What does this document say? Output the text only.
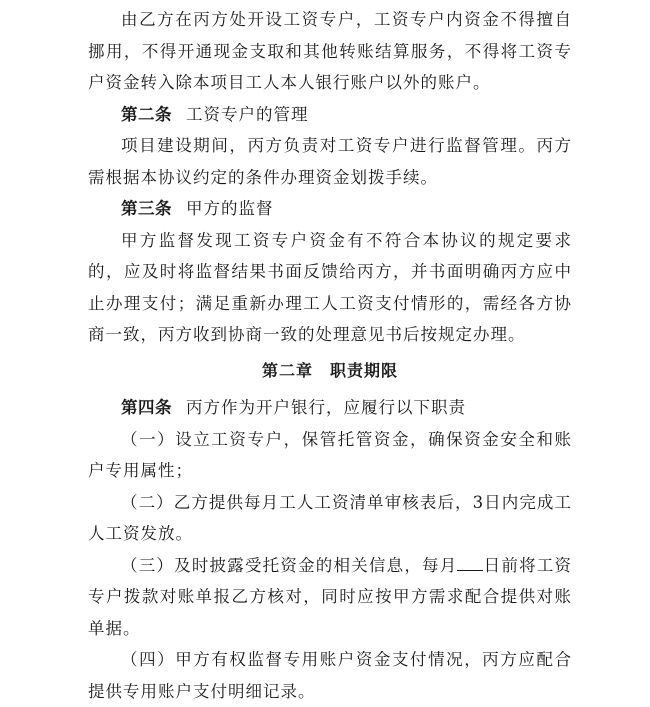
由乙方在丙方处开设工资专户，工资专户内资金不得擅自挪用，不得开通现金支取和其他转账结算服务，不得将工资专户资金转入除本项目工人本人银行账户以外的账户。

第二条 工资专户的管理

项目建设期间，丙方负责对工资专户进行监督管理。丙方需根据本协议约定的条件办理资金划拨手续。

第三条 甲方的监督

甲方监督发现工资专户资金有不符合本协议的规定要求的，应及时将监督结果书面反馈给丙方，并书面明确丙方应中止办理支付；满足重新办理工人工资支付情形的，需经各方协商一致，丙方收到协商一致的处理意见书后按规定办理。

第二章　职责期限

第四条 丙方作为开户银行，应履行以下职责

（一）设立工资专户，保管托管资金，确保资金安全和账户专用属性；

（二）乙方提供每月工人工资清单审核表后，3日内完成工人工资发放。

（三）及时披露受托资金的相关信息，每月 日前将工资专户拨款对账单报乙方核对，同时应按甲方需求配合提供对账单据。

（四）甲方有权监督专用账户资金支付情况，丙方应配合提供专用账户支付明细记录。
